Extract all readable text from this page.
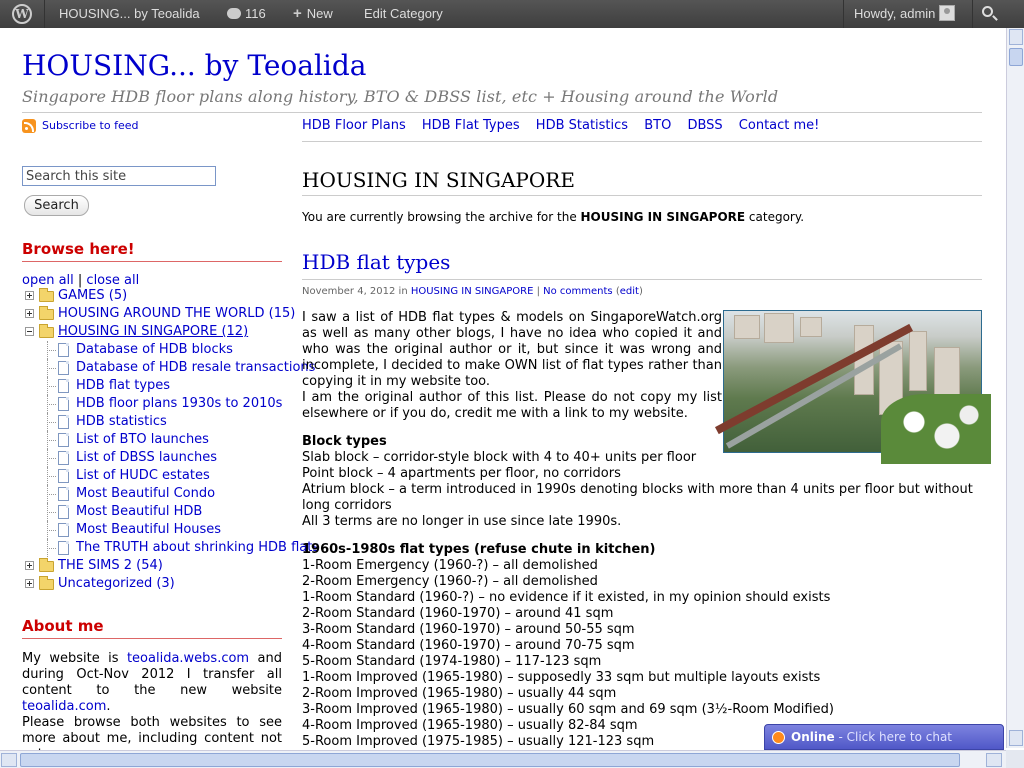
W
HOUSING... by Teoalida	116 + New Edit Category	Howdy, admin
HOUSING... by Teoalida
Singapore HDB floor plans along history, BTO & DBSS list, etc + Housing around the World
Subscribe to feed	HDB Floor Plans HDB Flat Types HDB Statistics BTO DBSS Contact me!
Search this site
Search
Browse here!
open all | close all
GAMES (5)
HOUSING AROUND THE WORLD (15)
HOUSING IN SINGAPORE (12)
Database of HDB blocks
Database of HDB resale transactions
HDB flat types
HDB floor plans 1930s to 2010s
HDB statistics
List of BTO launches
List of DBSS launches
List of HUDC estates
Most Beautiful Condo
Most Beautiful HDB
Most Beautiful Houses
The TRUTH about shrinking HDB flats
THE SIMS 2 (54)
Uncategorized (3)
About me
My website is teoalida.webs.com and during Oct-Nov 2012 I transfer all content to the new website teoalida.com.
Please browse both websites to see more about me, including content not
HOUSING IN SINGAPORE
You are currently browsing the archive for the HOUSING IN SINGAPORE category.
HDB flat types
November 4, 2012 in HOUSING IN SINGAPORE | No comments (edit)

I saw a list of HDB flat types & models on SingaporeWatch.org as well as many other blogs, I have no idea who copied it and who was the original author or it, but since it was wrong and incomplete, I decided to make OWN list of flat types rather than copying it in my website too.

I am the original author of this list. Please do not copy my list elsewhere or if you do, credit me with a link to my website.

Block types
Slab block – corridor-style block with 4 to 40+ units per floor
Point block – 4 apartments per floor, no corridors
Atrium block – a term introduced in 1990s denoting blocks with more than 4 units per floor but without long corridors
All 3 terms are no longer in use since late 1990s.
1960s-1980s flat types (refuse chute in kitchen)
1-Room Emergency (1960-?) – all demolished
2-Room Emergency (1960-?) – all demolished
1-Room Standard (1960-?) – no evidence if it existed, in my opinion should exists
2-Room Standard (1960-1970) – around 41 sqm
3-Room Standard (1960-1970) – around 50-55 sqm
4-Room Standard (1960-1970) – around 70-75 sqm
5-Room Standard (1974-1980) – 117-123 sqm
1-Room Improved (1965-1980) – supposedly 33 sqm but multiple layouts exists
2-Room Improved (1965-1980) – usually 44 sqm
3-Room Improved (1965-1980) – usually 60 sqm and 69 sqm (3½-Room Modified)
4-Room Improved (1965-1980) – usually 82-84 sqm
5-Room Improved (1975-1985) – usually 121-123 sqm	Online - Click here to chat
